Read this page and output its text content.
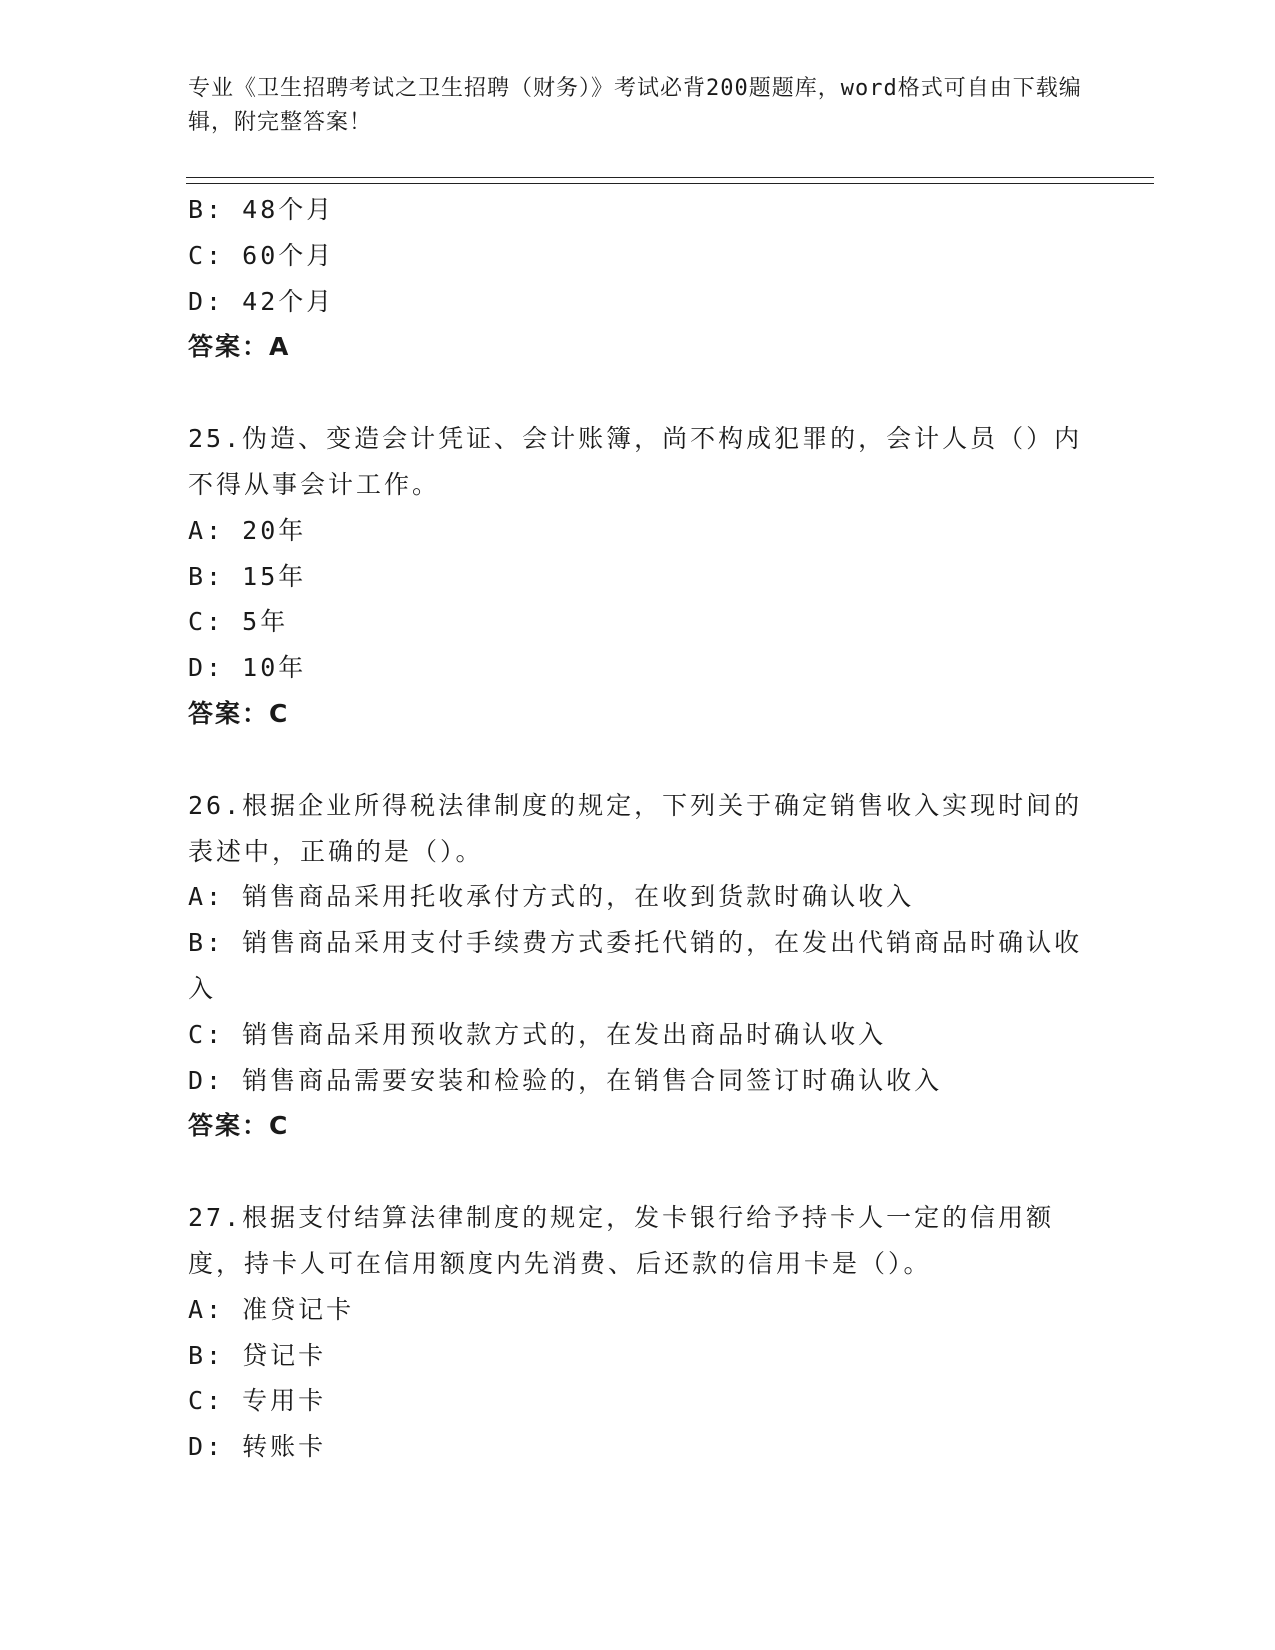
专业《卫生招聘考试之卫生招聘（财务）》考试必背200题题库，word格式可自由下载编辑，附完整答案！
B: 48个月
C: 60个月
D: 42个月
答案：A
25.伪造、变造会计凭证、会计账簿，尚不构成犯罪的，会计人员（）内不得从事会计工作。
A: 20年
B: 15年
C: 5年
D: 10年
答案：C
26.根据企业所得税法律制度的规定，下列关于确定销售收入实现时间的表述中，正确的是（）。
A: 销售商品采用托收承付方式的，在收到货款时确认收入
B: 销售商品采用支付手续费方式委托代销的，在发出代销商品时确认收入
C: 销售商品采用预收款方式的，在发出商品时确认收入
D: 销售商品需要安装和检验的，在销售合同签订时确认收入
答案：C
27.根据支付结算法律制度的规定，发卡银行给予持卡人一定的信用额度，持卡人可在信用额度内先消费、后还款的信用卡是（）。
A: 准贷记卡
B: 贷记卡
C: 专用卡
D: 转账卡
